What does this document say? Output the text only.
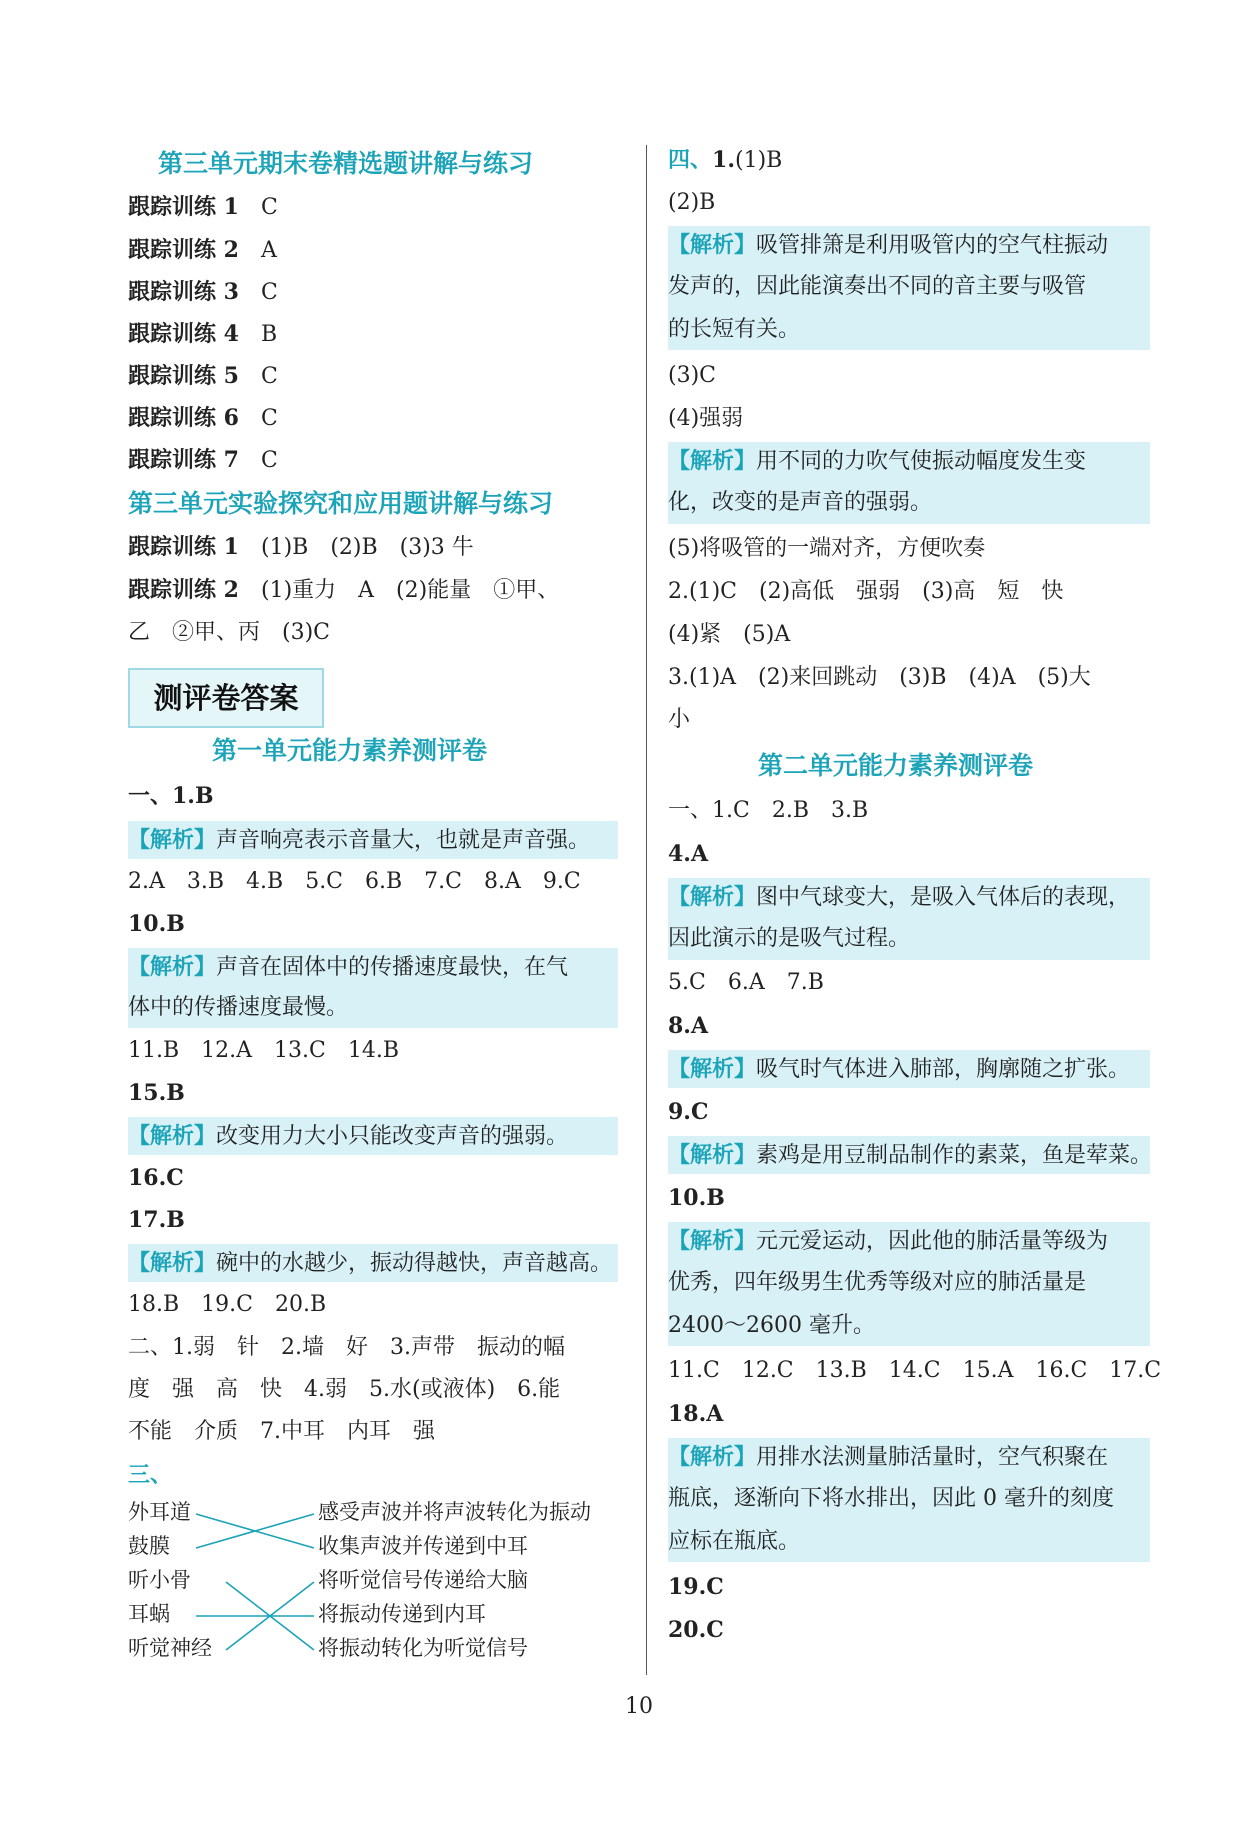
第三单元期末卷精选题讲解与练习
跟踪训练 1　 C
跟踪训练 2　 A
跟踪训练 3　 C
跟踪训练 4　 B
跟踪训练 5　 C
跟踪训练 6　 C
跟踪训练 7　 C
第三单元实验探究和应用题讲解与练习
跟踪训练 1　 (1)B　(2)B　(3)3 牛
跟踪训练 2　 (1)重力　A　(2)能量　①甲、
乙　②甲、丙　(3)C
测评卷答案
第一单元能力素养测评卷
一、1.B
【解析】声音响亮表示音量大，也就是声音强。
2.A　3.B　4.B　5.C　6.B　7.C　8.A　9.C
10.B
【解析】声音在固体中的传播速度最快，在气
体中的传播速度最慢。
11.B　12.A　13.C　14.B
15.B
【解析】改变用力大小只能改变声音的强弱。
16.C
17.B
【解析】碗中的水越少，振动得越快，声音越高。
18.B　19.C　20.B
二、1.弱　针　2.墙　好　3.声带　振动的幅
度　强　高　快　4.弱　5.水(或液体)　6.能
不能　介质　7.中耳　内耳　强
三、
外耳道
鼓膜
听小骨
耳蜗
听觉神经
感受声波并将声波转化为振动
收集声波并传递到中耳
将听觉信号传递给大脑
将振动传递到内耳
将振动转化为听觉信号
四、1.(1)B
(2)B
【解析】吸管排箫是利用吸管内的空气柱振动
发声的，因此能演奏出不同的音主要与吸管
的长短有关。
(3)C
(4)强弱
【解析】用不同的力吹气使振动幅度发生变
化，改变的是声音的强弱。
(5)将吸管的一端对齐，方便吹奏
2.(1)C　(2)高低　强弱　(3)高　短　快
(4)紧　(5)A
3.(1)A　(2)来回跳动　(3)B　(4)A　(5)大
小
第二单元能力素养测评卷
一、1.C　2.B　3.B
4.A
【解析】图中气球变大，是吸入气体后的表现，
因此演示的是吸气过程。
5.C　6.A　7.B
8.A
【解析】吸气时气体进入肺部，胸廓随之扩张。
9.C
【解析】素鸡是用豆制品制作的素菜，鱼是荤菜。
10.B
【解析】元元爱运动，因此他的肺活量等级为
优秀，四年级男生优秀等级对应的肺活量是
2400～2600 毫升。
11.C　12.C　13.B　14.C　15.A　16.C　17.C
18.A
【解析】用排水法测量肺活量时，空气积聚在
瓶底，逐渐向下将水排出，因此 0 毫升的刻度
应标在瓶底。
19.C
20.C
10
